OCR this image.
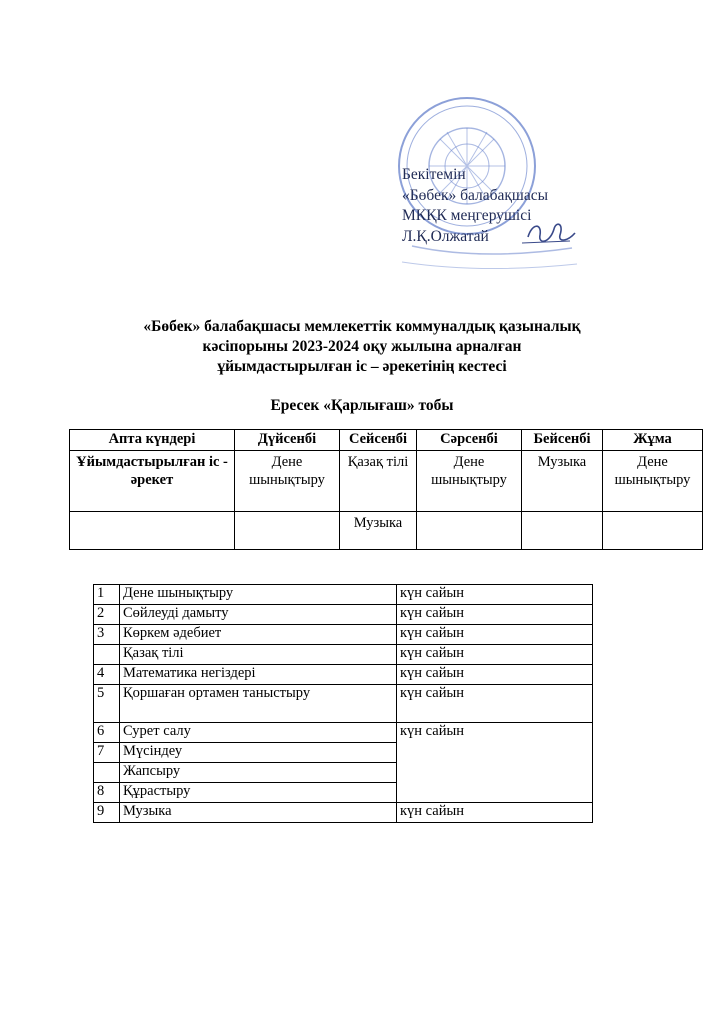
Бекітемін
«Бөбек» балабақшасы
МКҚК меңгерушісі
Л.Қ.Олжатай
«Бөбек» балабақшасы мемлекеттік коммуналдық қазыналық
кәсіпорыны 2023-2024 оқу жылына арналған
ұйымдастырылған іс – әрекетінің кестесі
Ересек «Қарлығаш» тобы
Апта күндері	Дүйсенбі	Сейсенбі	Сәрсенбі	Бейсенбі	Жұма
Ұйымдастырылған іс - әрекет	Дене шынықтыру	Қазақ тілі	Дене шынықтыру	Музыка	Дене шынықтыру
		Музыка			
1	Дене шынықтыру	күн сайын
2	Сөйлеуді дамыту	күн сайын
3	Көркем әдебиет	күн сайын
	Қазақ тілі	күн сайын
4	Математика негіздері	күн сайын
5	Қоршаған ортамен таныстыру	күн сайын
6	Сурет салу	күн сайын
7	Мүсіндеу	
	Жапсыру	
8	Құрастыру	
9	Музыка	күн сайын
